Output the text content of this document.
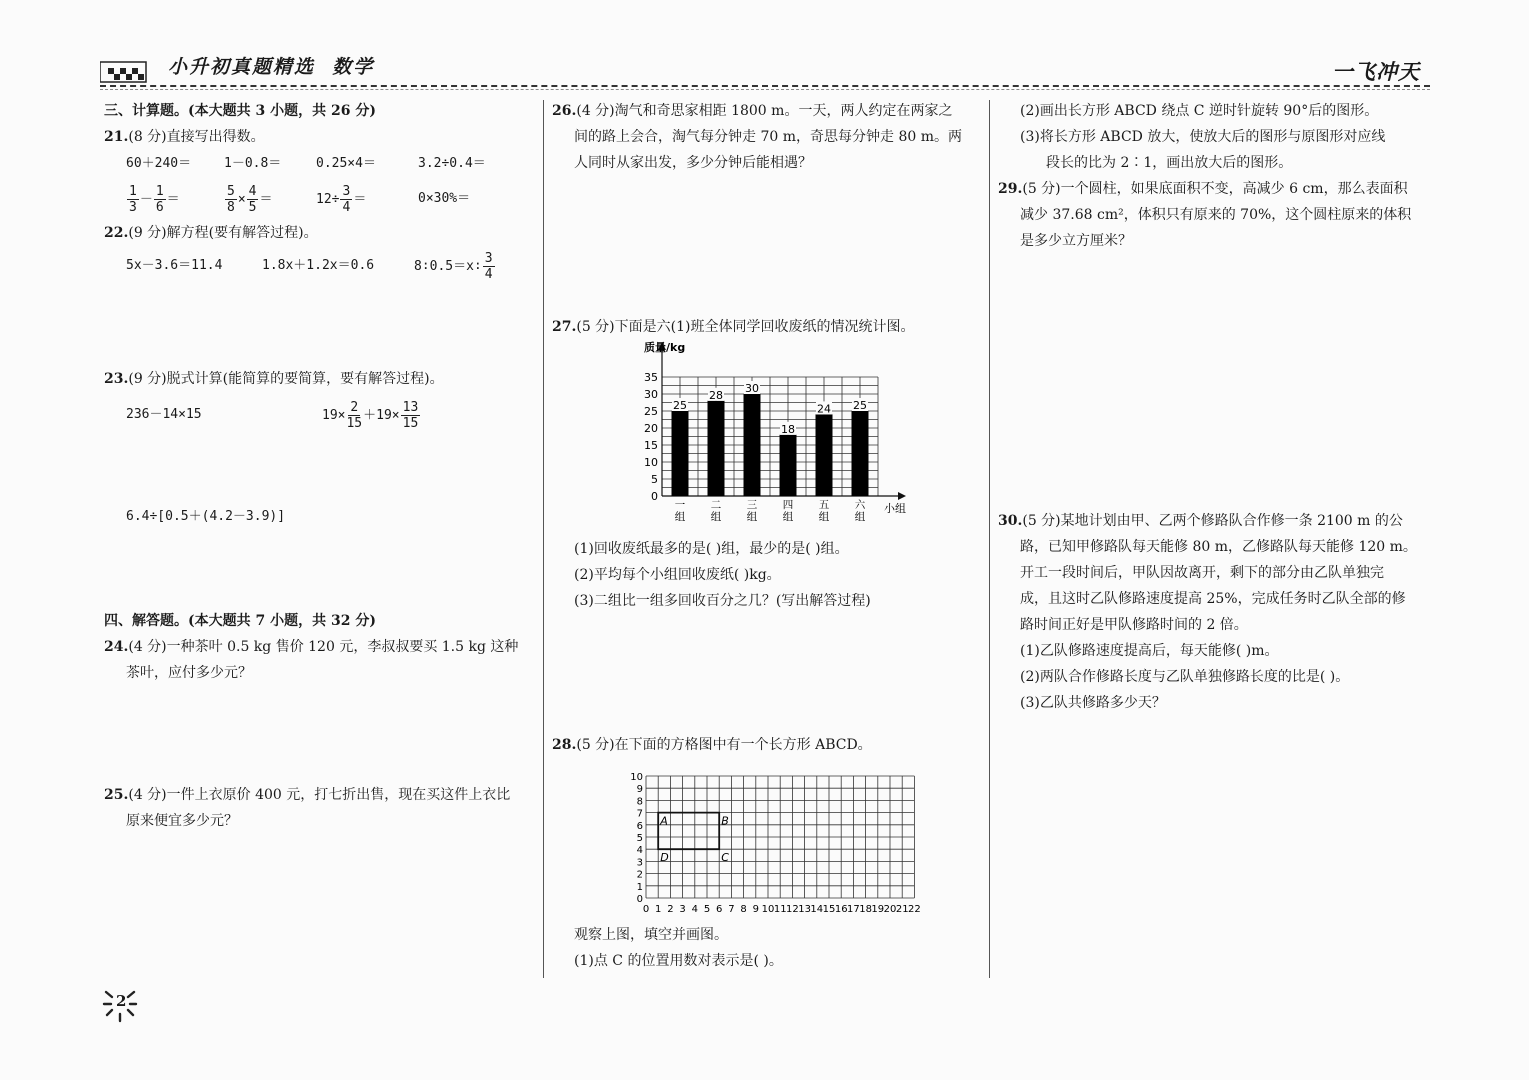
小升初真题精选  数学	一飞冲天

三、计算题。(本大题共 3 小题，共 26 分)

21.(8 分)直接写出得数。

60＋240＝	1－0.8＝	0.25×4＝	3.2÷0.4＝
$\frac{1}{3} - \frac{1}{6}$ ＝	$\frac{5}{8} \times \frac{4}{5}$ ＝	$12\div \frac{3}{4}$ ＝	0×30%＝

22.(9 分)解方程(要有解答过程)。

5x－3.6＝11.4	1.8x＋1.2x＝0.6	8∶0.5＝x∶ $\frac{3}{4}$

23.(9 分)脱式计算(能简算的要简算，要有解答过程)。

236－14×15	$19\times \frac{2}{15} +19\times \frac{13}{15}$

6.4÷[0.5＋(4.2－3.9)]

四、解答题。(本大题共 7 小题，共 32 分)

24.(4 分)一种茶叶 0.5 kg 售价 120 元，李叔叔要买 1.5 kg 这种

茶叶，应付多少元？

25.(4 分)一件上衣原价 400 元，打七折出售，现在买这件上衣比

原来便宜多少元？

2

26.(4 分)淘气和奇思家相距 1800 m。一天，两人约定在两家之

间的路上会合，淘气每分钟走 70 m，奇思每分钟走 80 m。两

人同时从家出发，多少分钟后能相遇？

27.(5 分)下面是六(1)班全体同学回收废纸的情况统计图。

(1)回收废纸最多的是( )组，最少的是( )组。

(2)平均每个小组回收废纸( )kg。

(3)二组比一组多回收百分之几？(写出解答过程)

28.(5 分)在下面的方格图中有一个长方形 ABCD。

观察上图，填空并画图。

(1)点 C 的位置用数对表示是( )。

质量/kg
小组
0
5
10
15
20
25
30
35
25
一组
28
二组
30
三组
18
四组
24
五组
25
六组
0 1 2 3 4 5 6 7 8 9 10 11 12 13 14 15 16 17 18 19 20 21 22
1
2
3
4
5
6
7
8
9
10
0
A	B
C
D

(2)画出长方形 ABCD 绕点 C 逆时针旋转 90°后的图形。

(3)将长方形 ABCD 放大，使放大后的图形与原图形对应线

段长的比为 2∶1，画出放大后的图形。

29.(5 分)一个圆柱，如果底面积不变，高减少 6 cm，那么表面积

减少 37.68 cm²，体积只有原来的 70%，这个圆柱原来的体积

是多少立方厘米？

30.(5 分)某地计划由甲、乙两个修路队合作修一条 2100 m 的公

路，已知甲修路队每天能修 80 m，乙修路队每天能修 120 m。

开工一段时间后，甲队因故离开，剩下的部分由乙队单独完

成，且这时乙队修路速度提高 25%，完成任务时乙队全部的修

路时间正好是甲队修路时间的 2 倍。

(1)乙队修路速度提高后，每天能修( )m。

(2)两队合作修路长度与乙队单独修路长度的比是( )。

(3)乙队共修路多少天？
